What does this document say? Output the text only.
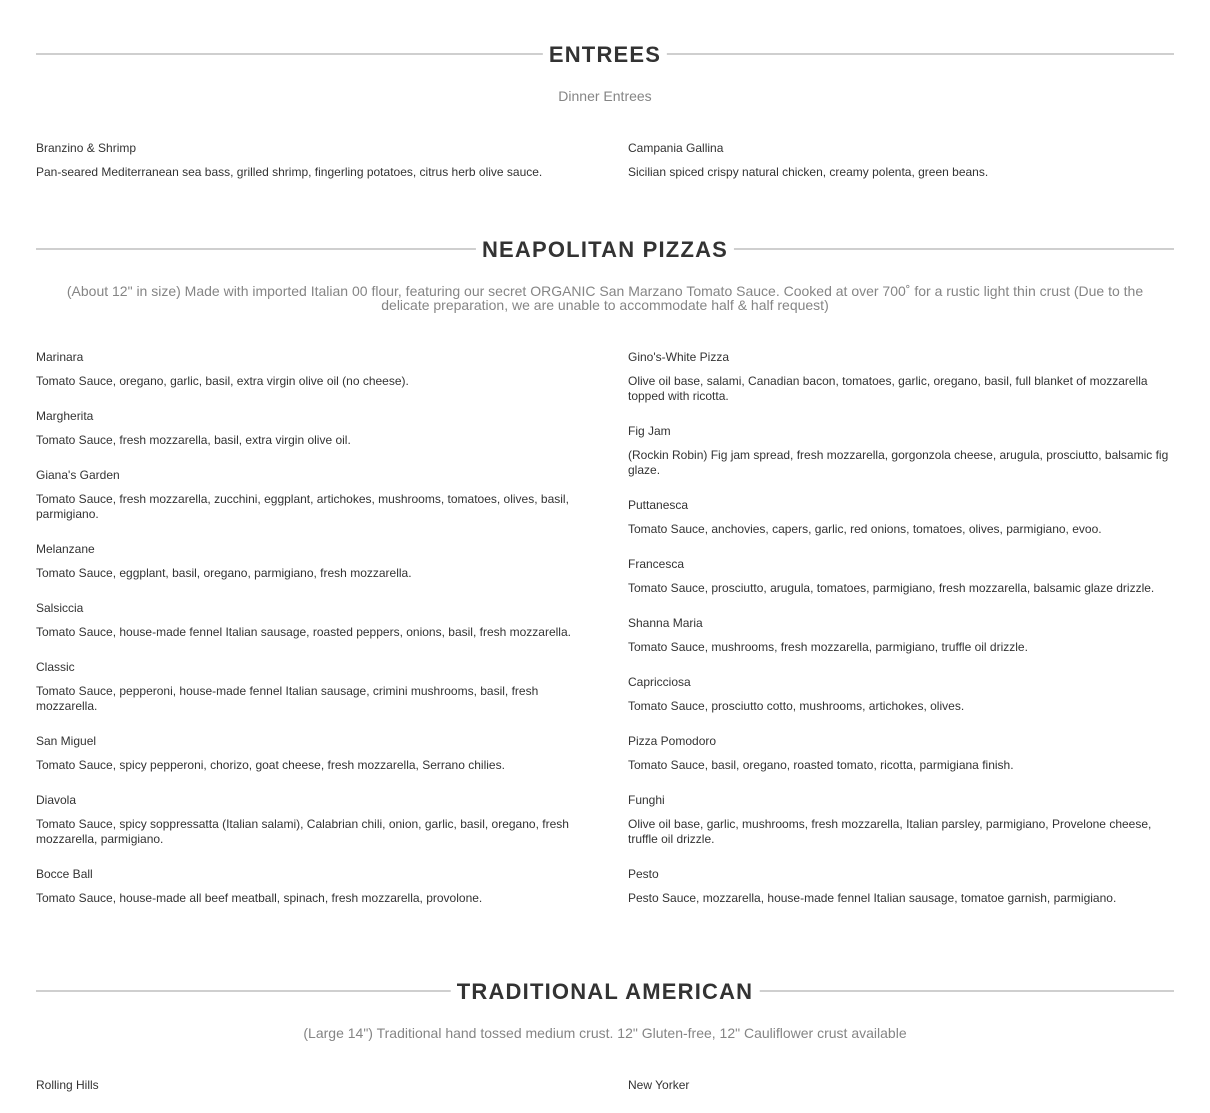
ENTREES
Dinner Entrees
Branzino & Shrimp
Pan-seared Mediterranean sea bass, grilled shrimp, fingerling potatoes, citrus herb olive sauce.
Campania Gallina
Sicilian spiced crispy natural chicken, creamy polenta, green beans.
NEAPOLITAN PIZZAS
(About 12" in size) Made with imported Italian 00 flour, featuring our secret ORGANIC San Marzano Tomato Sauce. Cooked at over 700˚ for a rustic light thin crust (Due to the delicate preparation, we are unable to accommodate half & half request)
Marinara
Tomato Sauce, oregano, garlic, basil, extra virgin olive oil (no cheese).
Margherita
Tomato Sauce, fresh mozzarella, basil, extra virgin olive oil.
Giana's Garden
Tomato Sauce, fresh mozzarella, zucchini, eggplant, artichokes, mushrooms, tomatoes, olives, basil, parmigiano.
Melanzane
Tomato Sauce, eggplant, basil, oregano, parmigiano, fresh mozzarella.
Salsiccia
Tomato Sauce, house-made fennel Italian sausage, roasted peppers, onions, basil, fresh mozzarella.
Classic
Tomato Sauce, pepperoni, house-made fennel Italian sausage, crimini mushrooms, basil, fresh mozzarella.
San Miguel
Tomato Sauce, spicy pepperoni, chorizo, goat cheese, fresh mozzarella, Serrano chilies.
Diavola
Tomato Sauce, spicy soppressatta (Italian salami), Calabrian chili, onion, garlic, basil, oregano, fresh mozzarella, parmigiano.
Bocce Ball
Tomato Sauce, house-made all beef meatball, spinach, fresh mozzarella, provolone.
Gino's-White Pizza
Olive oil base, salami, Canadian bacon, tomatoes, garlic, oregano, basil, full blanket of mozzarella topped with ricotta.
Fig Jam
(Rockin Robin) Fig jam spread, fresh mozzarella, gorgonzola cheese, arugula, prosciutto, balsamic fig glaze.
Puttanesca
Tomato Sauce, anchovies, capers, garlic, red onions, tomatoes, olives, parmigiano, evoo.
Francesca
Tomato Sauce, prosciutto, arugula, tomatoes, parmigiano, fresh mozzarella, balsamic glaze drizzle.
Shanna Maria
Tomato Sauce, mushrooms, fresh mozzarella, parmigiano, truffle oil drizzle.
Capricciosa
Tomato Sauce, prosciutto cotto, mushrooms, artichokes, olives.
Pizza Pomodoro
Tomato Sauce, basil, oregano, roasted tomato, ricotta, parmigiana finish.
Funghi
Olive oil base, garlic, mushrooms, fresh mozzarella, Italian parsley, parmigiano, Provelone cheese, truffle oil drizzle.
Pesto
Pesto Sauce, mozzarella, house-made fennel Italian sausage, tomatoe garnish, parmigiano.
TRADITIONAL AMERICAN
(Large 14") Traditional hand tossed medium crust. 12" Gluten-free, 12" Cauliflower crust available
Rolling Hills	New Yorker
